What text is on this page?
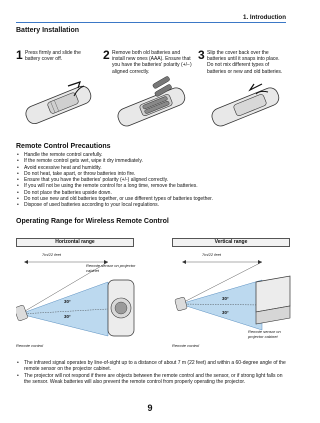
1. Introduction
Battery Installation
1 Press firmly and slide the battery cover off.	2 Remove both old batteries and install new ones (AAA). Ensure that you have the batteries' polarity (+/−) aligned correctly.
3 Slip the cover back over the batteries until it snaps into place. Do not mix different types of batteries or new and old batteries.
Remote Control Precautions
• Handle the remote control carefully.
• If the remote control gets wet, wipe it dry immediately.
• Avoid excessive heat and humidity.
• Do not heat, take apart, or throw batteries into fire.
• Ensure that you have the batteries' polarity (+/-) aligned correctly.
• If you will not be using the remote control for a long time, remove the batteries.
• Do not place the batteries upside down.
• Do not use new and old batteries together, or use different types of batteries together.
• Dispose of used batteries according to your local regulations.
Operating Range for Wireless Remote Control
Horizontal range	Vertical range
7m/22 feet
Remote sensor on projector cabinet
30°
30°
Remote control
7m/22 feet
30°
30°
Remote sensor on projector cabinet
Remote control
• The infrared signal operates by line-of-sight up to a distance of about 7 m (22 feet) and within a 60-degree angle of the remote sensor on the projector cabinet.
• The projector will not respond if there are objects between the remote control and the sensor, or if strong light falls on the sensor. Weak batteries will also prevent the remote control from properly operating the projector.
9
